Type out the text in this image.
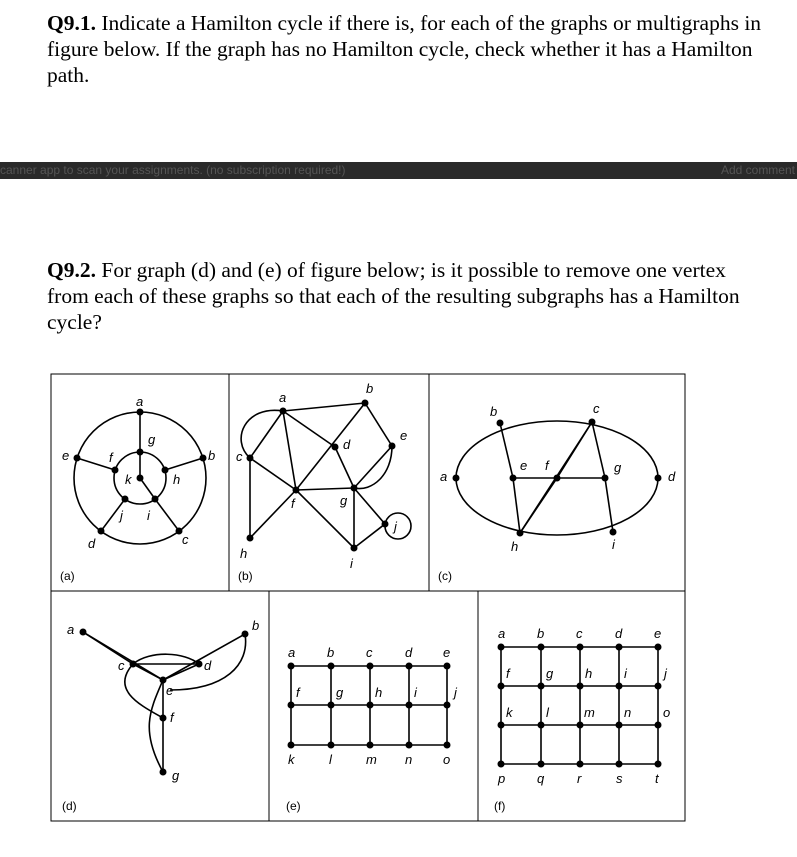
Q9.1. Indicate a Hamilton cycle if there is, for each of the graphs or multigraphs in figure below. If the graph has no Hamilton cycle, check whether it has a Hamilton path.

canner app to scan your assignments. (no subscription required!)	Add comment

Q9.2. For graph (d) and (e) of figure below; is it possible to remove one vertex from each of these graphs so that each of the resulting subgraphs has a Hamilton cycle?

(a)	(b)	(c)
(d)	(e)	(f)
a
b
c
d
e	f
g
h
i
j
k
a
b
c
d
e
f	g
h
i
j
a
b	c
d
e f	g
h	i
a	b
c	d
e
f
g
a b c	d e
f	g h i	j
k	l	m n o
a b c	d e
f	g h i	j
k	l	m n o
p q	r	s	t
